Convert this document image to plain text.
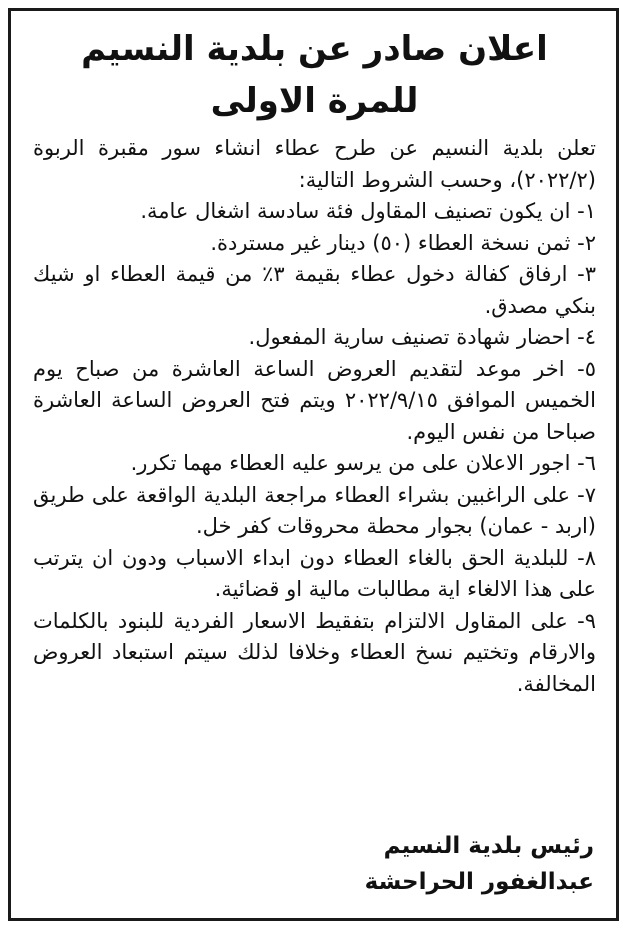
اعلان صادر عن بلدية النسيم
للمرة الاولى

تعلن بلدية النسيم عن طرح عطاء انشاء سور مقبرة الربوة (٢٠٢٢/٢)، وحسب الشروط التالية:

١- ان يكون تصنيف المقاول فئة سادسة اشغال عامة.

٢- ثمن نسخة العطاء (٥٠) دينار غير مستردة.

٣- ارفاق كفالة دخول عطاء بقيمة ٣٪ من قيمة العطاء او شيك بنكي مصدق.

٤- احضار شهادة تصنيف سارية المفعول.

٥- اخر موعد لتقديم العروض الساعة العاشرة من صباح يوم الخميس الموافق ٢٠٢٢/٩/١٥ ويتم فتح العروض الساعة العاشرة صباحا من نفس اليوم.

٦- اجور الاعلان على من يرسو عليه العطاء مهما تكرر.

٧- على الراغبين بشراء العطاء مراجعة البلدية الواقعة على طريق (اربد - عمان) بجوار محطة محروقات كفر خل.

٨- للبلدية الحق بالغاء العطاء دون ابداء الاسباب ودون ان يترتب على هذا الالغاء اية مطالبات مالية او قضائية.

٩- على المقاول الالتزام بتفقيط الاسعار الفردية للبنود بالكلمات والارقام وتختيم نسخ العطاء وخلافا لذلك سيتم استبعاد العروض المخالفة.

رئيس بلدية النسيم
عبدالغفور الحراحشة
